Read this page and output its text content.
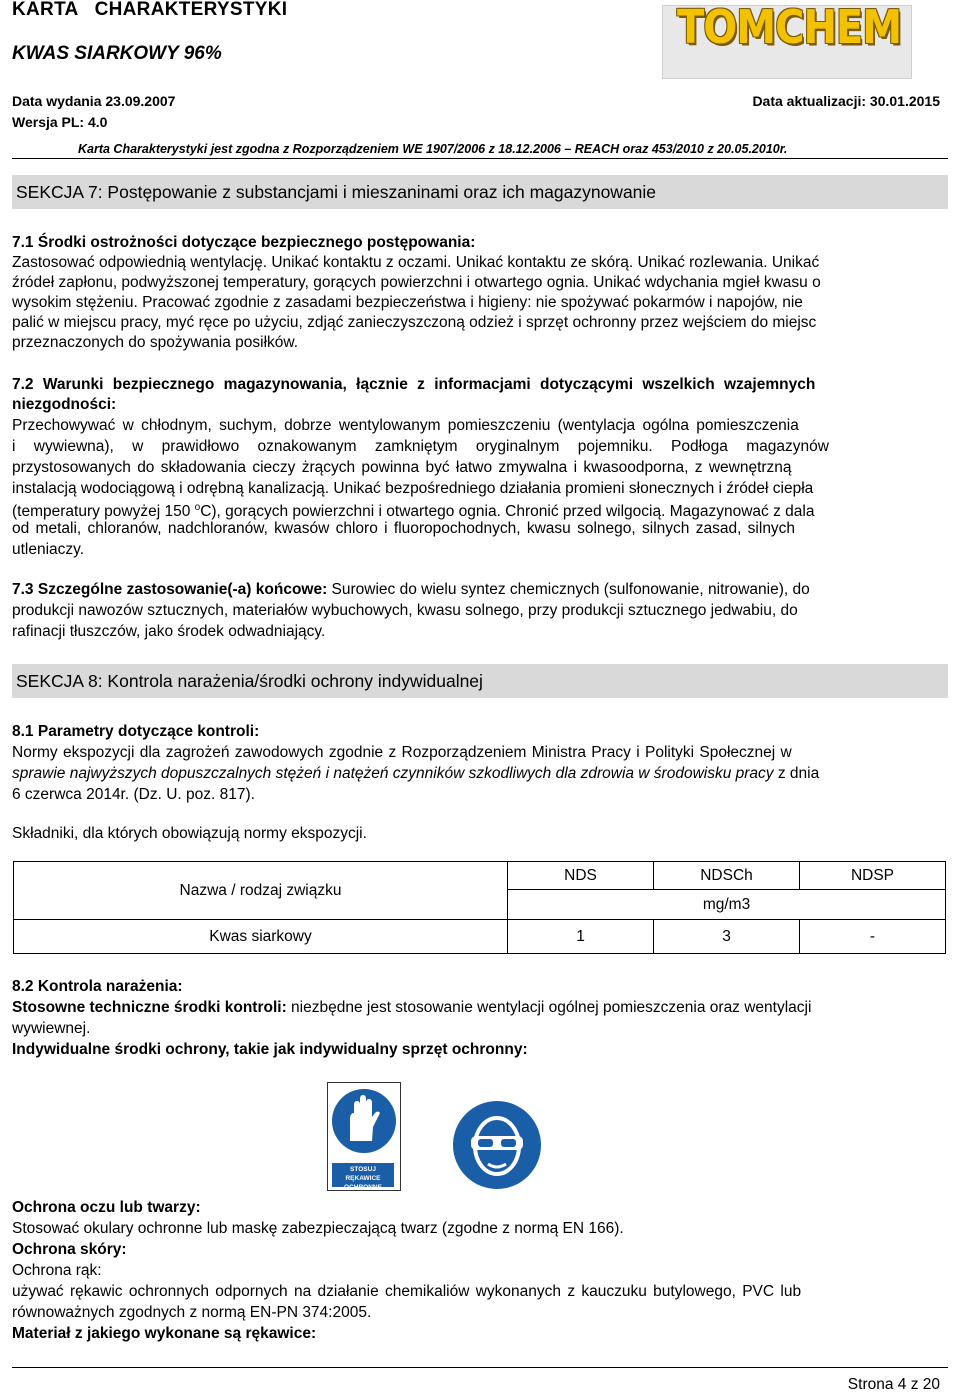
KARTA   CHARAKTERYSTYKI
KWAS SIARKOWY 96%	TOMCHEM
Data wydania 23.09.2007	Data aktualizacji: 30.01.2015
Wersja PL: 4.0
Karta Charakterystyki jest zgodna z Rozporządzeniem WE 1907/2006 z 18.12.2006 – REACH oraz 453/2010 z 20.05.2010r.
SEKCJA 7: Postępowanie z substancjami i mieszaninami oraz ich magazynowanie
7.1 Środki ostrożności dotyczące bezpiecznego postępowania:
Zastosować odpowiednią wentylację. Unikać kontaktu z oczami. Unikać kontaktu ze skórą. Unikać rozlewania. Unikać
źródeł zapłonu, podwyższonej temperatury, gorących powierzchni i otwartego ognia. Unikać wdychania mgieł kwasu o
wysokim stężeniu. Pracować zgodnie z zasadami bezpieczeństwa i higieny: nie spożywać pokarmów i napojów, nie
palić w miejscu pracy, myć ręce po użyciu, zdjąć zanieczyszczoną odzież i sprzęt ochronny przez wejściem do miejsc
przeznaczonych do spożywania posiłków.
7.2 Warunki bezpiecznego magazynowania, łącznie z informacjami dotyczącymi wszelkich wzajemnych
niezgodności:
Przechowywać w chłodnym, suchym, dobrze wentylowanym pomieszczeniu (wentylacja ogólna pomieszczenia
i wywiewna), w prawidłowo oznakowanym zamkniętym oryginalnym pojemniku. Podłoga magazynów
przystosowanych do składowania cieczy żrących powinna być łatwo zmywalna i kwasoodporna, z wewnętrzną
instalacją wodociągową i odrębną kanalizacją. Unikać bezpośredniego działania promieni słonecznych i źródeł ciepła
(temperatury powyżej 150 $^o$C), gorących powierzchni i otwartego ognia. Chronić przed wilgocią. Magazynować z dala
od metali, chloranów, nadchloranów, kwasów chloro i fluoropochodnych, kwasu solnego, silnych zasad, silnych
utleniaczy.
7.3 Szczególne zastosowanie(-a) końcowe: Surowiec do wielu syntez chemicznych (sulfonowanie, nitrowanie), do
produkcji nawozów sztucznych, materiałów wybuchowych, kwasu solnego, przy produkcji sztucznego jedwabiu, do
rafinacji tłuszczów, jako środek odwadniający.
SEKCJA 8: Kontrola narażenia/środki ochrony indywidualnej
8.1 Parametry dotyczące kontroli:
Normy ekspozycji dla zagrożeń zawodowych zgodnie z Rozporządzeniem Ministra Pracy i Polityki Społecznej w
sprawie najwyższych dopuszczalnych stężeń i natężeń czynników szkodliwych dla zdrowia w środowisku pracy z dnia
6 czerwca 2014r. (Dz. U. poz. 817).
Składniki, dla których obowiązują normy ekspozycji.
Nazwa / rodzaj związku	NDS	NDSCh	NDSP
	mg/m3		
Kwas siarkowy	1	3	-
8.2 Kontrola narażenia:
Stosowne techniczne środki kontroli: niezbędne jest stosowanie wentylacji ogólnej pomieszczenia oraz wentylacji
wywiewnej.
Indywidualne środki ochrony, takie jak indywidualny sprzęt ochronny:
STOSUJ RĘKAWICE
OCHRONNE
Ochrona oczu lub twarzy:
Stosować okulary ochronne lub maskę zabezpieczającą twarz (zgodne z normą EN 166).
Ochrona skóry:
Ochrona rąk:
używać rękawic ochronnych odpornych na działanie chemikaliów wykonanych z kauczuku butylowego, PVC lub
równoważnych zgodnych z normą EN-PN 374:2005.
Materiał z jakiego wykonane są rękawice:
Strona 4 z 20
